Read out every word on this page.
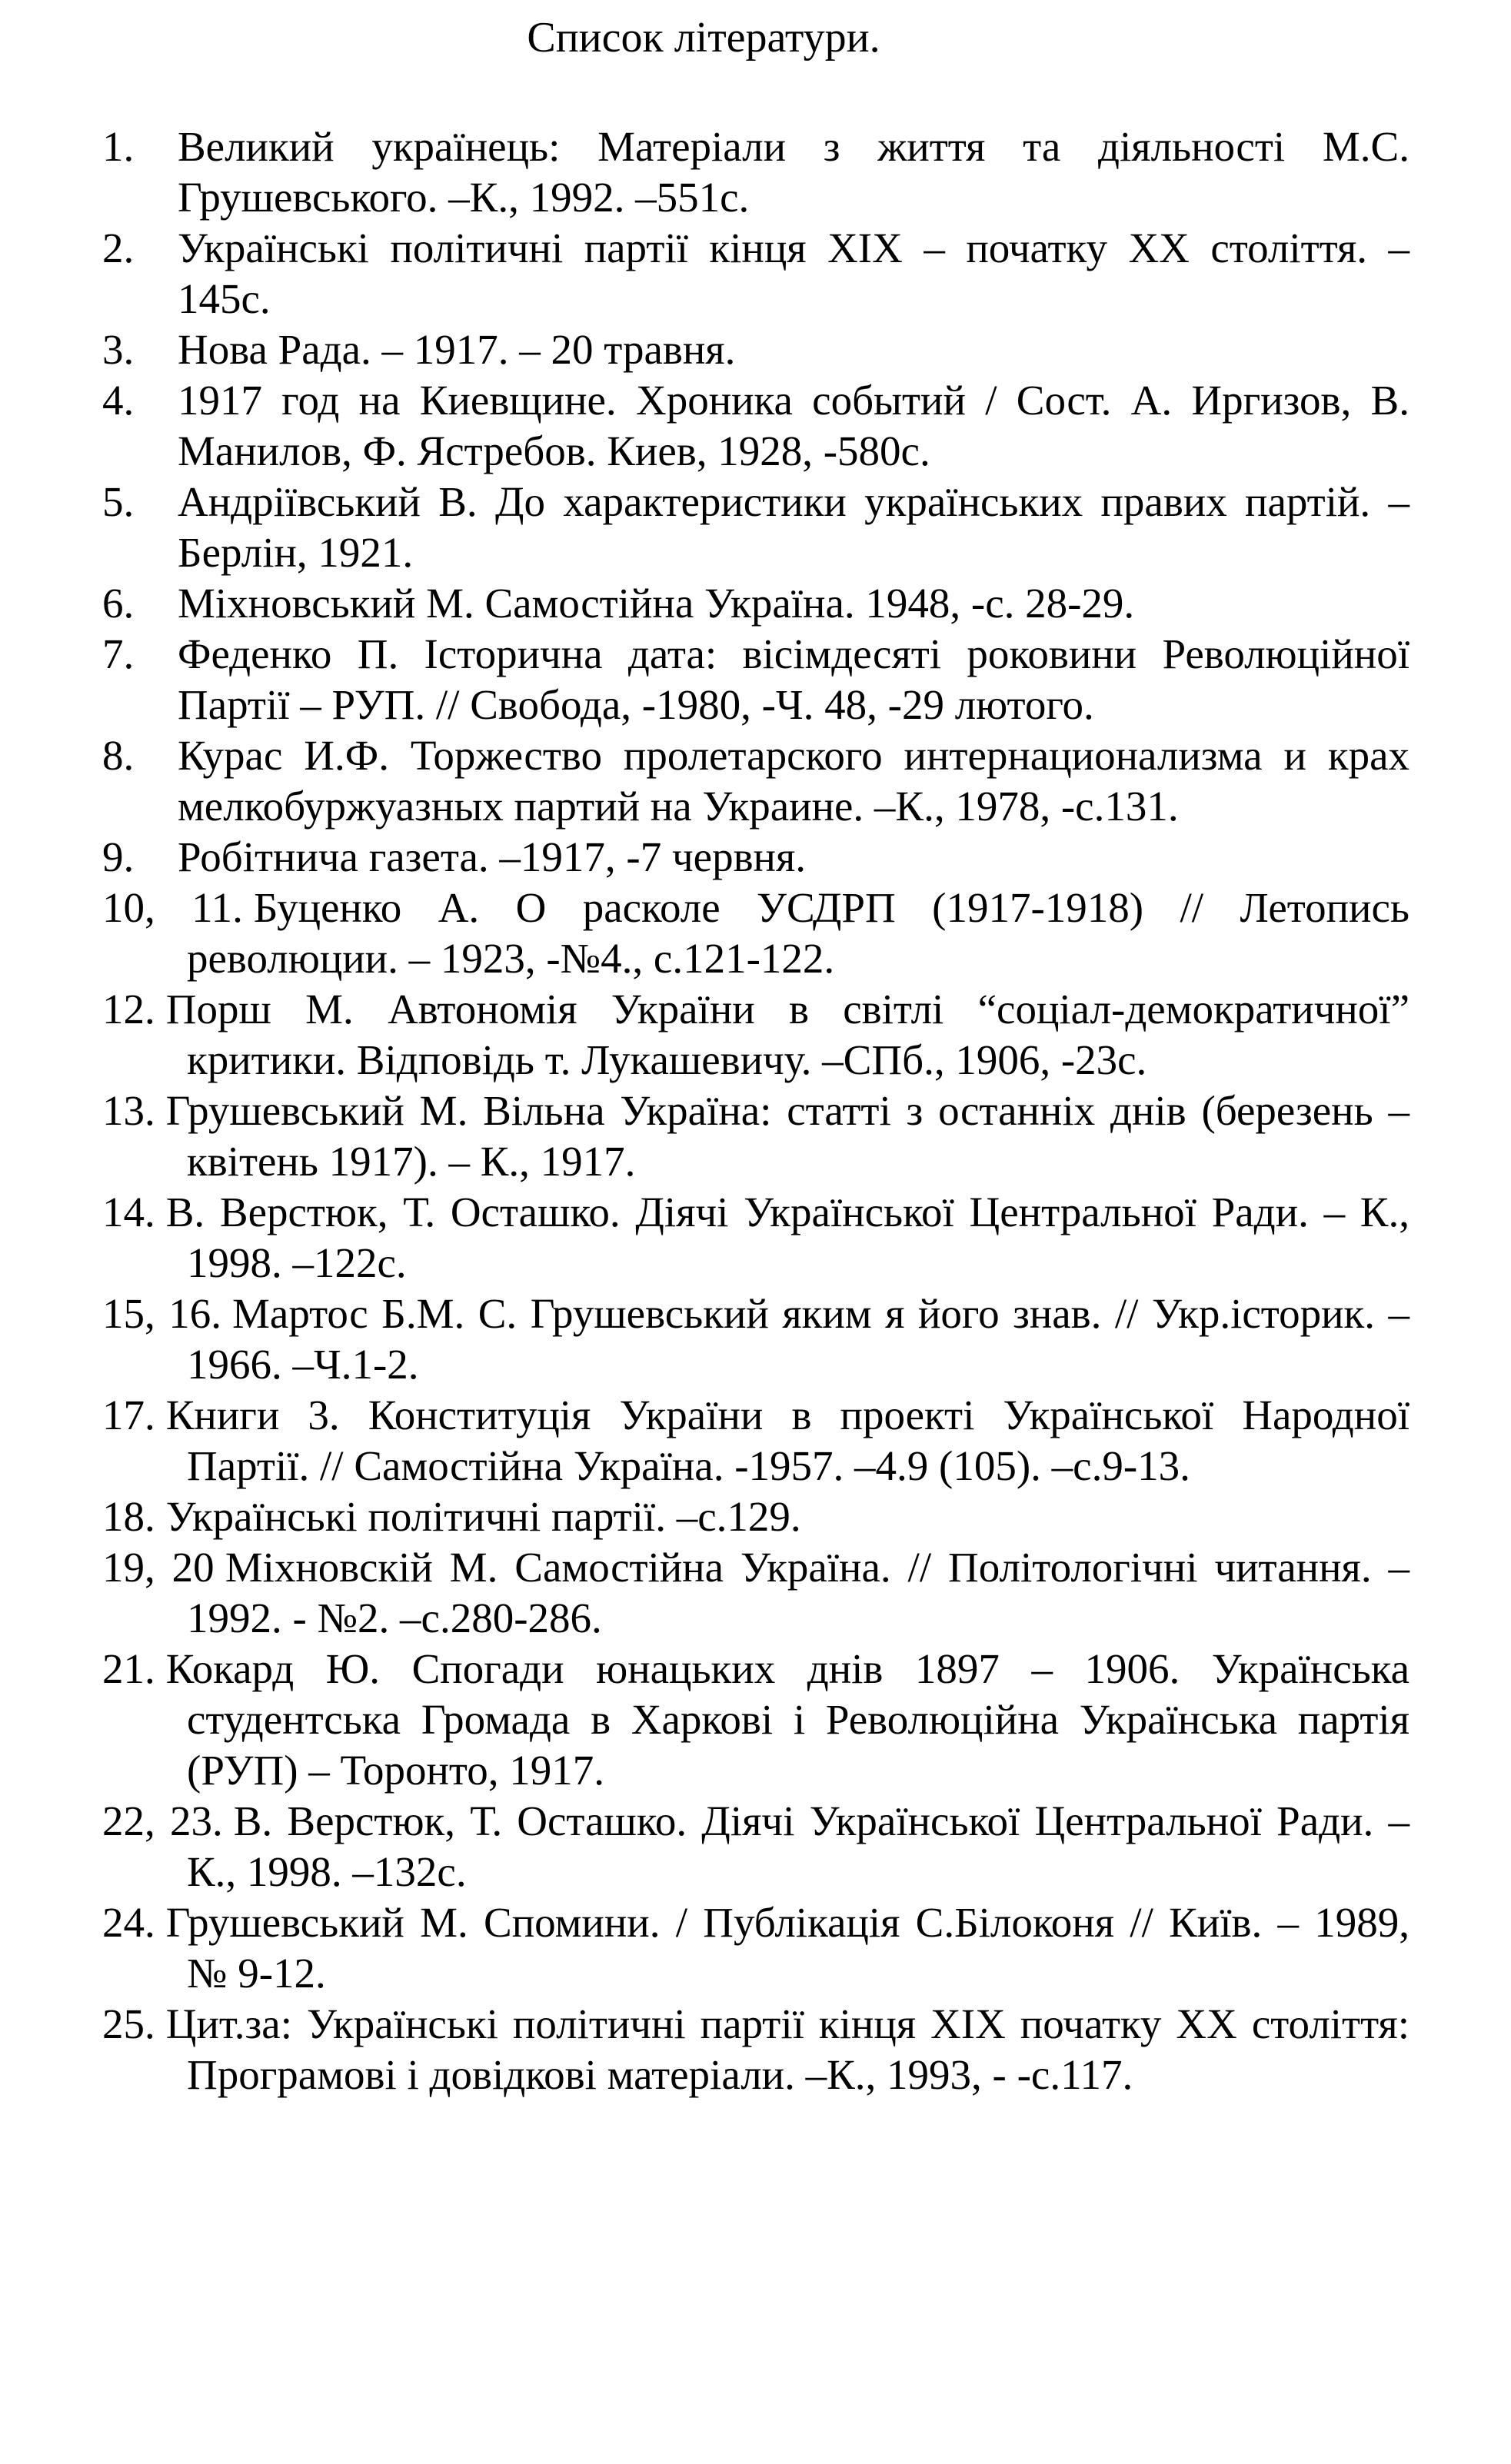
Список літератури.
1. Великий українець: Матеріали з життя та діяльності М.С. Грушевського. –К., 1992. –551с.
2. Українські політичні партії кінця XIX – початку XX століття. – 145с.
3. Нова Рада. – 1917. – 20 травня.
4. 1917 год на Киевщине. Хроника событий / Сост. А. Иргизов, В. Манилов, Ф. Ястребов. Киев, 1928, -580с.
5. Андріївський В. До характеристики українських правих партій. – Берлін, 1921.
6. Міхновський М. Самостійна Україна. 1948, -с. 28-29.
7. Феденко П. Історична дата: вісімдесяті роковини Революційної Партії – РУП. // Свобода, -1980, -Ч. 48, -29 лютого.
8. Курас И.Ф. Торжество пролетарского интернационализма и крах мелкобуржуазных партий на Украине. –К., 1978, -с.131.
9. Робітнича газета. –1917, -7 червня.
10, 11. Буценко А. О расколе УСДРП (1917-1918) // Летопись революции. – 1923, -№4., с.121-122.
12. Порш М. Автономія України в світлі “соціал-демократичної” критики. Відповідь т. Лукашевичу. –СПб., 1906, -23с.
13. Грушевський М. Вільна Україна: статті з останніх днів (березень – квітень 1917). – К., 1917.
14. В. Верстюк, Т. Осташко. Діячі Української Центральної Ради. – К., 1998. –122с.
15, 16. Мартос Б.М. С. Грушевський яким я його знав. // Укр.історик. –1966. –Ч.1-2.
17. Книги 3. Конституція України в проекті Української Народної Партії. // Самостійна Україна. -1957. –4.9 (105). –с.9-13.
18. Українські політичні партії. –с.129.
19, 20 Міхновскій М. Самостійна Україна. // Політологічні читання. –1992. - №2. –с.280-286.
21. Кокард Ю. Спогади юнацьких днів 1897 – 1906. Українська студентська Громада в Харкові і Революційна Українська партія (РУП) – Торонто, 1917.
22, 23. В. Верстюк, Т. Осташко. Діячі Української Центральної Ради. – К., 1998. –132с.
24. Грушевський М. Спомини. / Публікація С.Білоконя // Київ. – 1989, № 9-12.
25. Цит.за: Українські політичні партії кінця XIX початку XX століття: Програмові і довідкові матеріали. –К., 1993, - -с.117.
